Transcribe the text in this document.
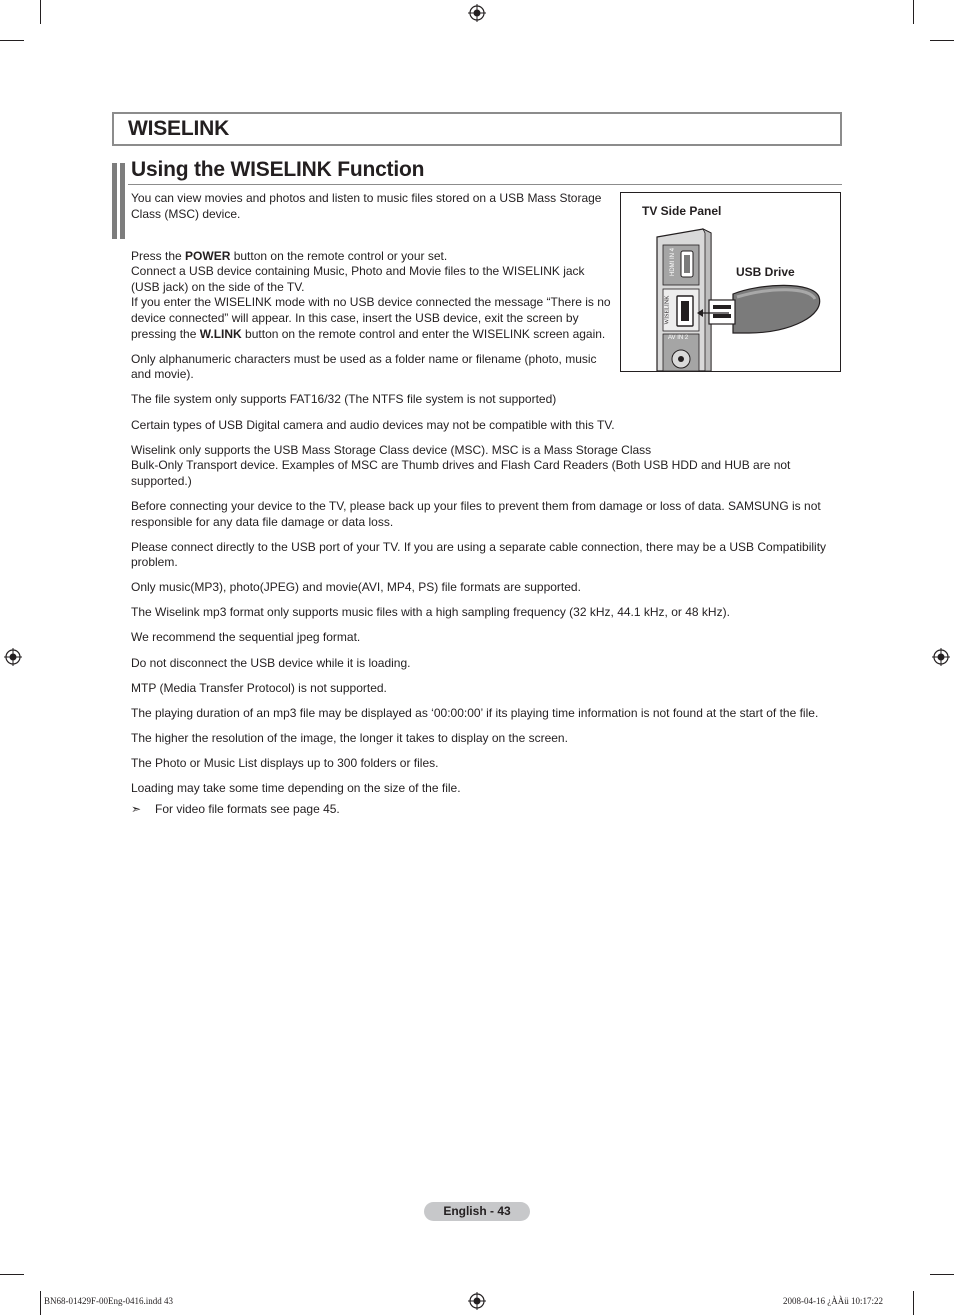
WISELINK
Using the WISELINK Function
TV Side Panel
USB Drive
HDMI IN 4
WISELINK
AV IN 2

You can view movies and photos and listen to music files stored on a USB Mass Storage Class (MSC) device.

Press the POWER button on the remote control or your set.

Connect a USB device containing Music, Photo and Movie files to the WISELINK jack (USB jack) on the side of the TV.

If you enter the WISELINK mode with no USB device connected the message “There is no device connected” will appear. In this case, insert the USB device, exit the screen by pressing the W.LINK button on the remote control and enter the WISELINK screen again.

Only alphanumeric characters must be used as a folder name or filename (photo, music and movie).

The file system only supports FAT16/32 (The NTFS file system is not supported)

Certain types of USB Digital camera and audio devices may not be compatible with this TV.

Wiselink only supports the USB Mass Storage Class device (MSC). MSC is a Mass Storage Class

Bulk-Only Transport device. Examples of MSC are Thumb drives and Flash Card Readers (Both USB HDD and HUB are not supported.)

Before connecting your device to the TV, please back up your files to prevent them from damage or loss of data. SAMSUNG is not responsible for any data file damage or data loss.

Please connect directly to the USB port of your TV. If you are using a separate cable connection, there may be a USB Compatibility problem.

Only music(MP3), photo(JPEG) and movie(AVI, MP4, PS) file formats are supported.

The Wiselink mp3 format only supports music files with a high sampling frequency (32 kHz, 44.1 kHz, or 48 kHz).

We recommend the sequential jpeg format.

Do not disconnect the USB device while it is loading.

MTP (Media Transfer Protocol) is not supported.

The playing duration of an mp3 file may be displayed as ‘00:00:00’ if its playing time information is not found at the start of the file.

The higher the resolution of the image, the longer it takes to display on the screen.

The Photo or Music List displays up to 300 folders or files.

Loading may take some time depending on the size of the file.

➣	For video file formats see page 45.
English - 43
BN68-01429F-00Eng-0416.indd 43	2008-04-16 ¿ÀÀü 10:17:22
